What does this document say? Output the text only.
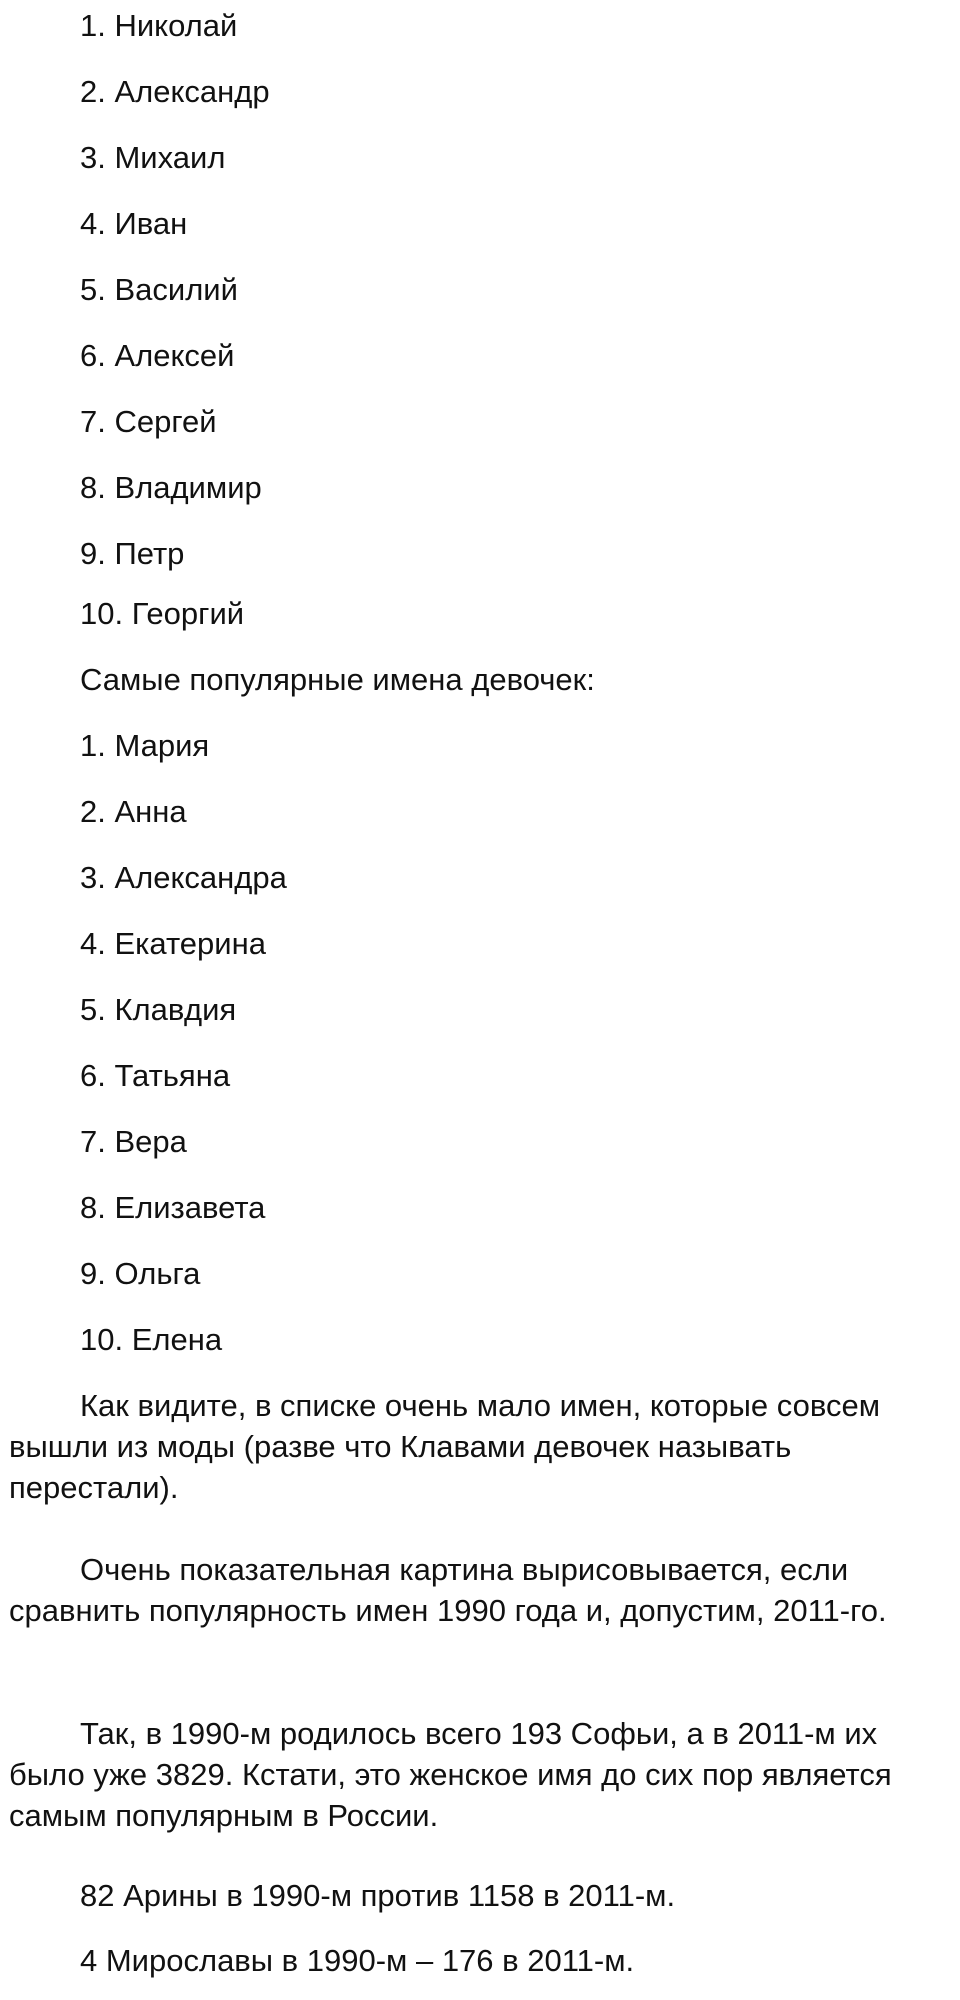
1. Николай
2. Александр
3. Михаил
4. Иван
5. Василий
6. Алексей
7. Сергей
8. Владимир
9. Петр
10. Георгий
Самые популярные имена девочек:
1. Мария
2. Анна
3. Александра
4. Екатерина
5. Клавдия
6. Татьяна
7. Вера
8. Елизавета
9. Ольга
10. Елена

Как видите, в списке очень мало имен, которые совсем вышли из моды (разве что Клавами девочек называть перестали).

Очень показательная картина вырисовывается, если сравнить популярность имен 1990 года и, допустим, 2011-го.

Так, в 1990-м родилось всего 193 Софьи, а в 2011-м их было уже 3829. Кстати, это женское имя до сих пор является самым популярным в России.

82 Арины в 1990-м против 1158 в 2011-м.

4 Мирославы в 1990-м – 176 в 2011-м.
